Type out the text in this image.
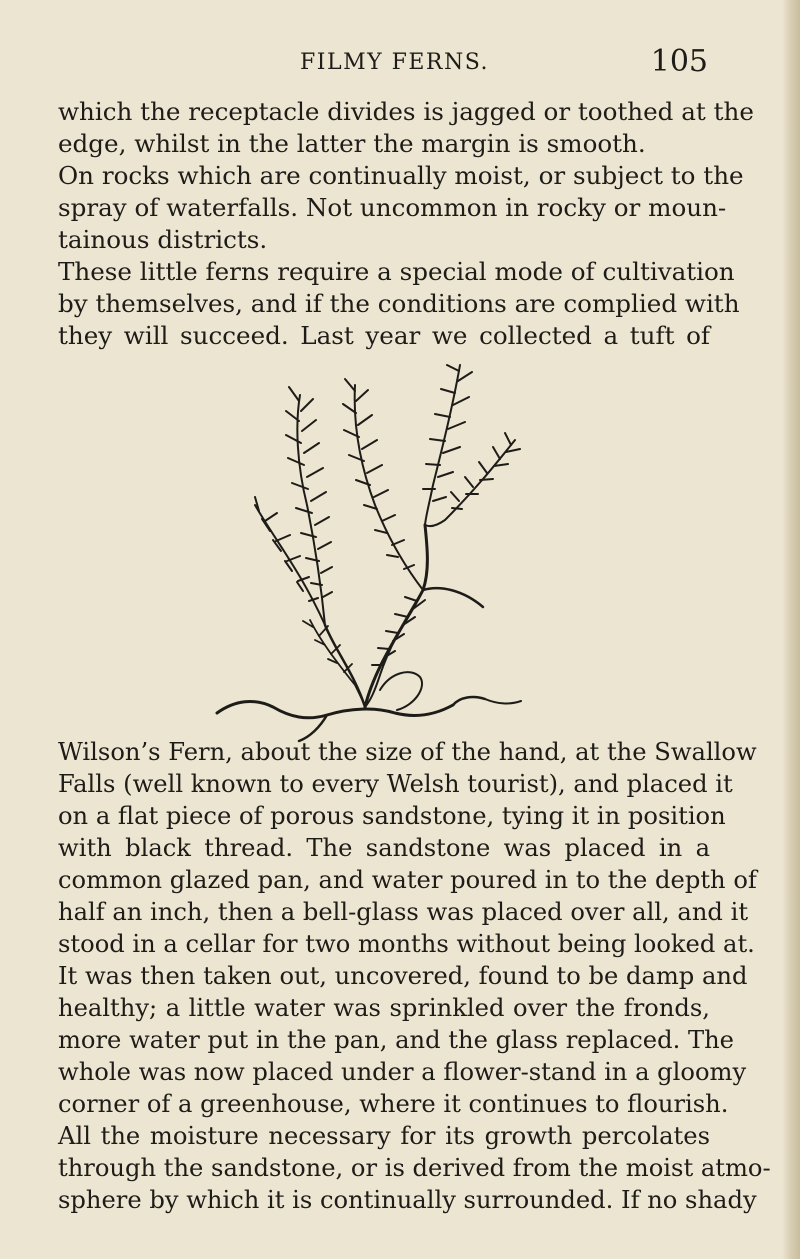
FILMY FERNS.	105
which the receptacle divides is jagged or toothed at the
edge, whilst in the latter the margin is smooth.
On rocks which are continually moist, or subject to the
spray of waterfalls. Not uncommon in rocky or moun-
tainous districts.
These little ferns require a special mode of cultivation
by themselves, and if the conditions are complied with
they will succeed. Last year we collected a tuft of
Wilson’s Fern, about the size of the hand, at the Swallow
Falls (well known to every Welsh tourist), and placed it
on a flat piece of porous sandstone, tying it in position
with black thread. The sandstone was placed in a
common glazed pan, and water poured in to the depth of
half an inch, then a bell-glass was placed over all, and it
stood in a cellar for two months without being looked at.
It was then taken out, uncovered, found to be damp and
healthy; a little water was sprinkled over the fronds,
more water put in the pan, and the glass replaced. The
whole was now placed under a flower-stand in a gloomy
corner of a greenhouse, where it continues to flourish.
All the moisture necessary for its growth percolates
through the sandstone, or is derived from the moist atmo-
sphere by which it is continually surrounded. If no shady
